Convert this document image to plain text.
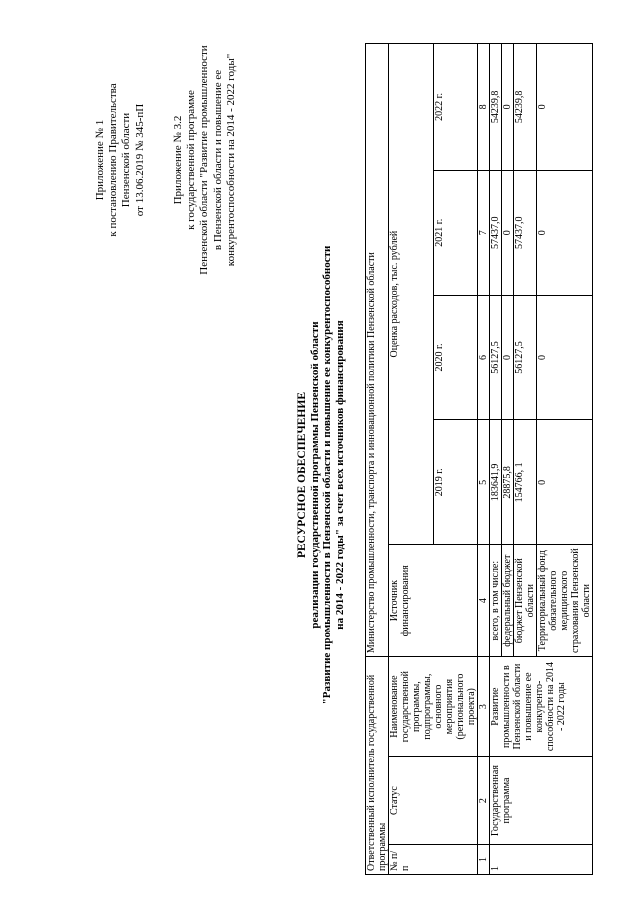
Приложение № 1 к постановлению Правительства Пензенской области от 13.06.2019 № 345-пП Приложение № 3.2 к государственной программе Пензенской области "Развитие промышленности в Пензенской области и повышение ее конкурентоспособности на 2014 - 2022 годы"
РЕСУРСНОЕ ОБЕСПЕЧЕНИЕ реализации государственной программы Пензенской области "Развитие промышленности в Пензенской области и повышение ее конкурентоспособности на 2014 - 2022 годы" за счет всех источников финансирования
Ответственный исполнитель государственной программы			Министерство промышленности, транспорта и инновационной политики Пензенской области				
№ п/п	Статус	Наименование государственной программы, подпрограммы, основного мероприятия (регионального проекта)	Источник финансирования	Оценка расходов, тыс. рублей			
				2019 г.	2020 г.	2021 г.	2022 г.
1	2	3	4	5	6	7	8
1	Государственная программа	Развитие промышленности в Пензенской области и повышение ее конкуренто-способности на 2014 - 2022 годы	всего, в том числе:	183641,9	56127,5	57437,0	54239,8
			федеральный бюджет	28875,8	0	0	0
			бюджет Пензенской области	154766, 1	56127,5	57437,0	54239,8
			Территориальный фонд обязательного медицинского страхования Пензенской области	0	0	0	0
